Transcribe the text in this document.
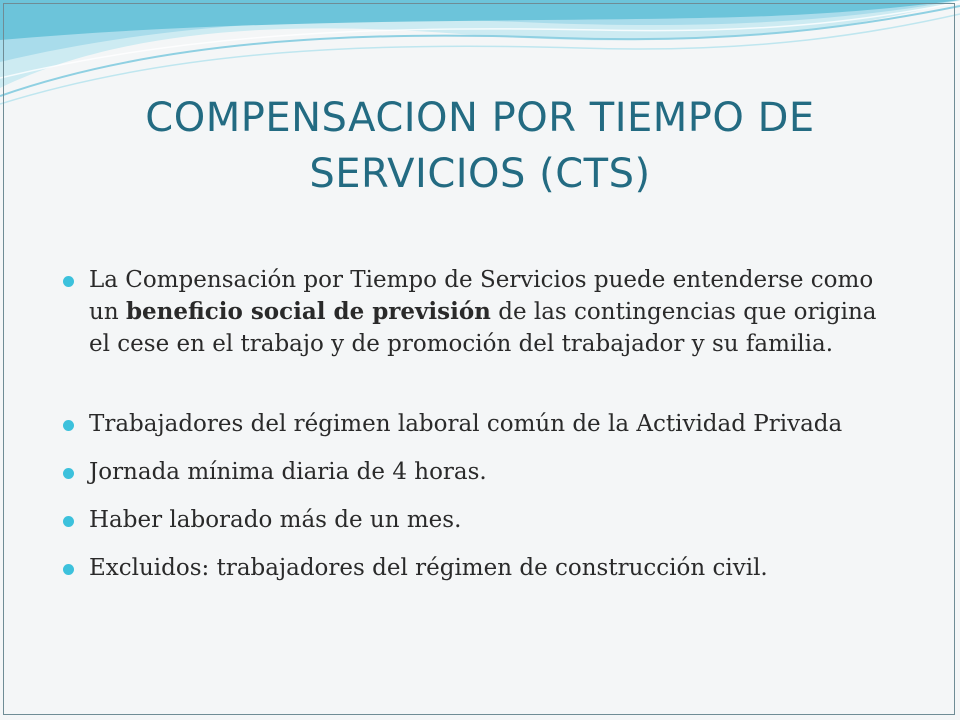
COMPENSACION POR TIEMPO DE
SERVICIOS (CTS)
La Compensación por Tiempo de Servicios puede entenderse como un beneficio social de previsión de las contingencias que origina el cese en el trabajo y de promoción del trabajador y su familia.
Trabajadores del régimen laboral común de la Actividad Privada
Jornada mínima diaria de 4 horas.
Haber laborado más de un mes.
Excluidos: trabajadores del régimen de construcción civil.
